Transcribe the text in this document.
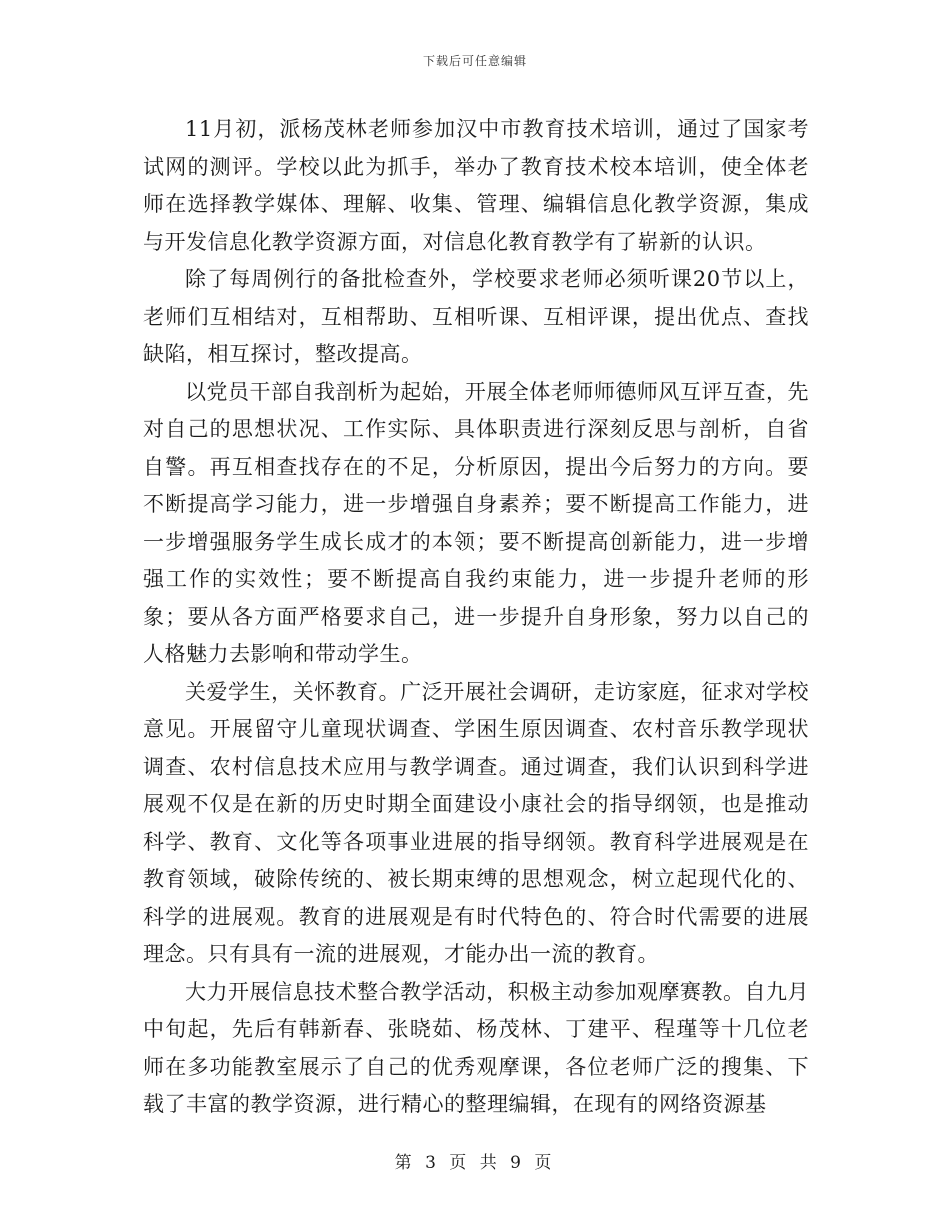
下载后可任意编辑

11月初，派杨茂林老师参加汉中市教育技术培训，通过了国家考试网的测评。学校以此为抓手，举办了教育技术校本培训，使全体老师在选择教学媒体、理解、收集、管理、编辑信息化教学资源，集成与开发信息化教学资源方面，对信息化教育教学有了崭新的认识。

除了每周例行的备批检查外，学校要求老师必须听课20节以上，老师们互相结对，互相帮助、互相听课、互相评课，提出优点、查找缺陷，相互探讨，整改提高。

以党员干部自我剖析为起始，开展全体老师师德师风互评互查，先对自己的思想状况、工作实际、具体职责进行深刻反思与剖析，自省自警。再互相查找存在的不足，分析原因，提出今后努力的方向。要不断提高学习能力，进一步增强自身素养；要不断提高工作能力，进一步增强服务学生成长成才的本领；要不断提高创新能力，进一步增强工作的实效性；要不断提高自我约束能力，进一步提升老师的形象；要从各方面严格要求自己，进一步提升自身形象，努力以自己的人格魅力去影响和带动学生。

关爱学生，关怀教育。广泛开展社会调研，走访家庭，征求对学校意见。开展留守儿童现状调查、学困生原因调查、农村音乐教学现状调查、农村信息技术应用与教学调查。通过调查，我们认识到科学进展观不仅是在新的历史时期全面建设小康社会的指导纲领，也是推动科学、教育、文化等各项事业进展的指导纲领。教育科学进展观是在教育领域，破除传统的、被长期束缚的思想观念，树立起现代化的、科学的进展观。教育的进展观是有时代特色的、符合时代需要的进展理念。只有具有一流的进展观，才能办出一流的教育。

大力开展信息技术整合教学活动，积极主动参加观摩赛教。自九月中旬起，先后有韩新春、张晓茹、杨茂林、丁建平、程瑾等十几位老师在多功能教室展示了自己的优秀观摩课，各位老师广泛的搜集、下载了丰富的教学资源，进行精心的整理编辑，在现有的网络资源基

第 3 页 共 9 页
